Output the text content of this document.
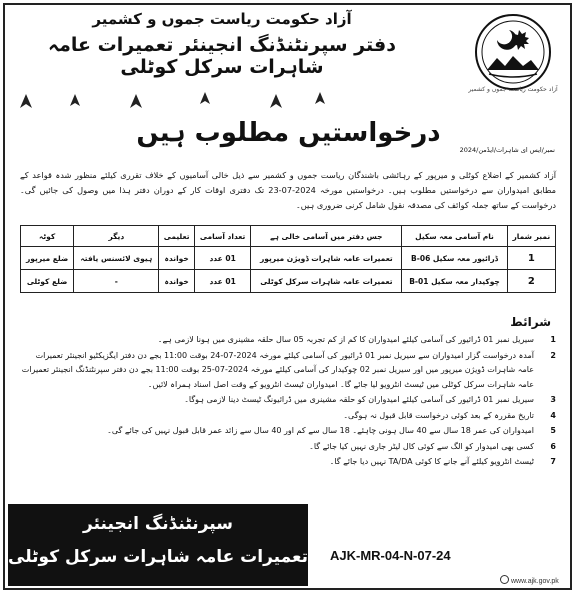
آزاد حکومت ریاست جموں و کشمیر
دفتر سپرنٹنڈنگ انجینئر تعمیرات عامہ شاہرات سرکل کوٹلی
آزاد حکومت ریاست جموں و کشمیر
درخواستیں مطلوب ہیں
نمبر/ایس ای شاہرات/ایڈمن/2024
آزاد کشمیر کے اضلاع کوٹلی و میرپور کے رہائشی باشندگان ریاست جموں و کشمیر سے ذیل خالی آسامیوں کے خلاف تقرری کیلئے منظور شدہ قواعد کے مطابق امیدواران سے درخواستیں مطلوب ہیں۔ درخواستیں مورخہ 2024-07-23 تک دفتری اوقات کار کے دوران دفتر ہذا میں وصول کی جائیں گی۔ درخواست کے ساتھ جملہ کوائف کی مصدقہ نقول شامل کرنی ضروری ہیں۔
نمبر شمار	نام آسامی معہ سکیل	جس دفتر میں آسامی خالی ہے	تعداد آسامی	تعلیمی	دیگر	کوٹہ
1	ڈرائیور معہ سکیل B-06	تعمیرات عامہ شاہرات ڈویژن میرپور	01 عدد	خواندہ	ہیوی لائسنس یافتہ	ضلع میرپور
2	چوکیدار معہ سکیل B-01	تعمیرات عامہ شاہرات سرکل کوٹلی	01 عدد	خواندہ	-	ضلع کوٹلی
شرائط
1
سیریل نمبر 01 ڈرائیور کی آسامی کیلئے امیدواران کا کم از کم تجربہ 05 سال حلقہ مشینری میں ہونا لازمی ہے۔
2
آمدہ درخواست گزار امیدواران سے سیریل نمبر 01 ڈرائیور کی آسامی کیلئے مورخہ 2024-07-24 بوقت 11:00 بجے دن دفتر ایگزیکٹیو انجینئر تعمیرات عامہ شاہرات ڈویژن میرپور میں اور سیریل نمبر 02 چوکیدار کی آسامی کیلئے مورخہ 2024-07-25 بوقت 11:00 بجے دن دفتر سپرنٹنڈنگ انجینئر تعمیرات عامہ شاہرات سرکل کوٹلی میں ٹیسٹ انٹرویو لیا جائے گا۔ امیدواران ٹیسٹ انٹرویو کے وقت اصل اسناد ہمراہ لائیں۔
3
سیریل نمبر 01 ڈرائیور کی آسامی کیلئے امیدواران کو حلقہ مشینری میں ڈرائیونگ ٹیسٹ دینا لازمی ہوگا۔
4
تاریخ مقررہ کے بعد کوئی درخواست قابل قبول نہ ہوگی۔
5
امیدواران کی عمر 18 سال سے 40 سال ہونی چاہئے۔ 18 سال سے کم اور 40 سال سے زائد عمر قابل قبول نہیں کی جائے گی۔
6
کسی بھی امیدوار کو الگ سے کوئی کال لیٹر جاری نہیں کیا جائے گا۔
7
ٹیسٹ انٹرویو کیلئے آنے جانے کا کوئی TA/DA نہیں دیا جائے گا۔
سپرنٹنڈنگ انجینئر
تعمیرات عامہ شاہرات سرکل کوٹلی AJK-MR-04-N-07-24
www.ajk.gov.pk
